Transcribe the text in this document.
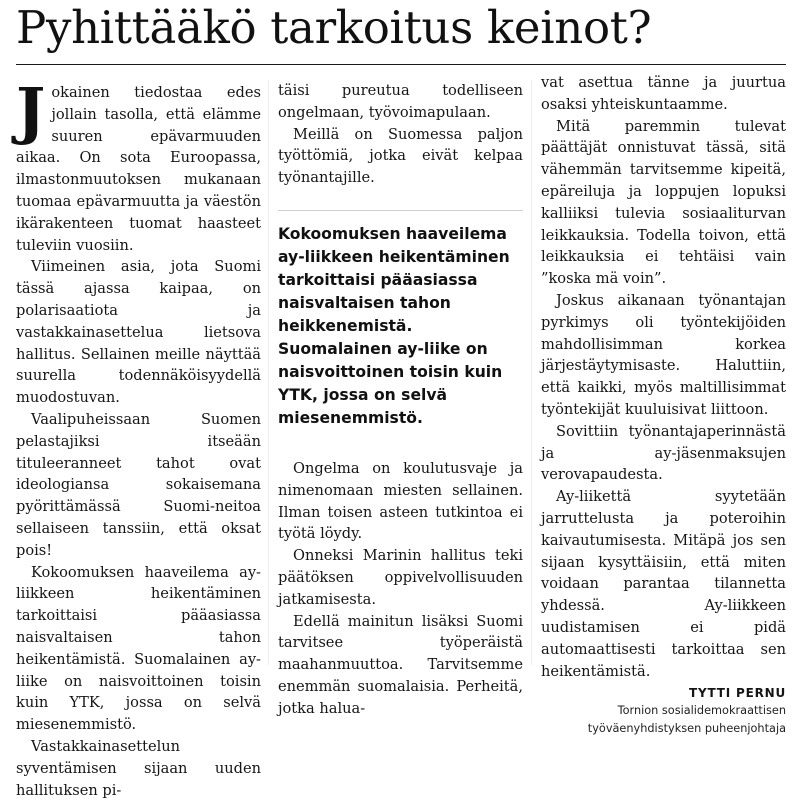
Pyhittääkö tarkoitus keinot?

Jokainen tiedostaa edes jollain tasolla, että elämme suuren epävarmuuden aikaa. On sota Euroopassa, ilmastonmuutoksen mukanaan tuomaa epävarmuutta ja väestön ikärakenteen tuomat haasteet tuleviin vuosiin.

Viimeinen asia, jota Suomi tässä ajassa kaipaa, on polarisaatiota ja vastakkainasettelua lietsova hallitus. Sellainen meille näyttää suurella todennäköisyydellä muodostuvan.

Vaalipuheissaan Suomen pelastajiksi itseään tituleeranneet tahot ovat ideologiansa sokaisemana pyörittämässä Suomi-neitoa sellaiseen tanssiin, että oksat pois!

Kokoomuksen haaveilema ay-liikkeen heikentäminen tarkoittaisi pääasiassa naisvaltaisen tahon heikentämistä. Suomalainen ay-liike on naisvoittoinen toisin kuin YTK, jossa on selvä miesenemmistö.

Vastakkainasettelun syventämisen sijaan uuden hallituksen pi-

täisi pureutua todelliseen ongelmaan, työvoimapulaan.

Meillä on Suomessa paljon työttömiä, jotka eivät kelpaa työnantajille.

Kokoomuksen haaveilema ay-liikkeen heikentäminen tarkoittaisi pääasiassa naisvaltaisen tahon heikkenemistä. Suomalainen ay-liike on naisvoittoinen toisin kuin YTK, jossa on selvä miesenemmistö.

Ongelma on koulutusvaje ja nimenomaan miesten sellainen. Ilman toisen asteen tutkintoa ei työtä löydy.

Onneksi Marinin hallitus teki päätöksen oppivelvollisuuden jatkamisesta.

Edellä mainitun lisäksi Suomi tarvitsee työperäistä maahanmuuttoa. Tarvitsemme enemmän suomalaisia. Perheitä, jotka halua-

vat asettua tänne ja juurtua osaksi yhteiskuntaamme.

Mitä paremmin tulevat päättäjät onnistuvat tässä, sitä vähemmän tarvitsemme kipeitä, epäreiluja ja loppujen lopuksi kalliiksi tulevia sosiaaliturvan leikkauksia. Todella toivon, että leikkauksia ei tehtäisi vain ”koska mä voin”.

Joskus aikanaan työnantajan pyrkimys oli työntekijöiden mahdollisimman korkea järjestäytymisaste. Haluttiin, että kaikki, myös maltillisimmat työntekijät kuuluisivat liittoon.

Sovittiin työnantajaperinnästä ja ay-jäsenmaksujen verovapaudesta.

Ay-liikettä syytetään jarruttelusta ja poteroihin kaivautumisesta. Mitäpä jos sen sijaan kysyttäisiin, että miten voidaan parantaa tilannetta yhdessä. Ay-liikkeen uudistamisen ei pidä automaattisesti tarkoittaa sen heikentämistä.

TYTTI PERNU
Tornion sosialidemokraattisen työväenyhdistyksen puheenjohtaja
